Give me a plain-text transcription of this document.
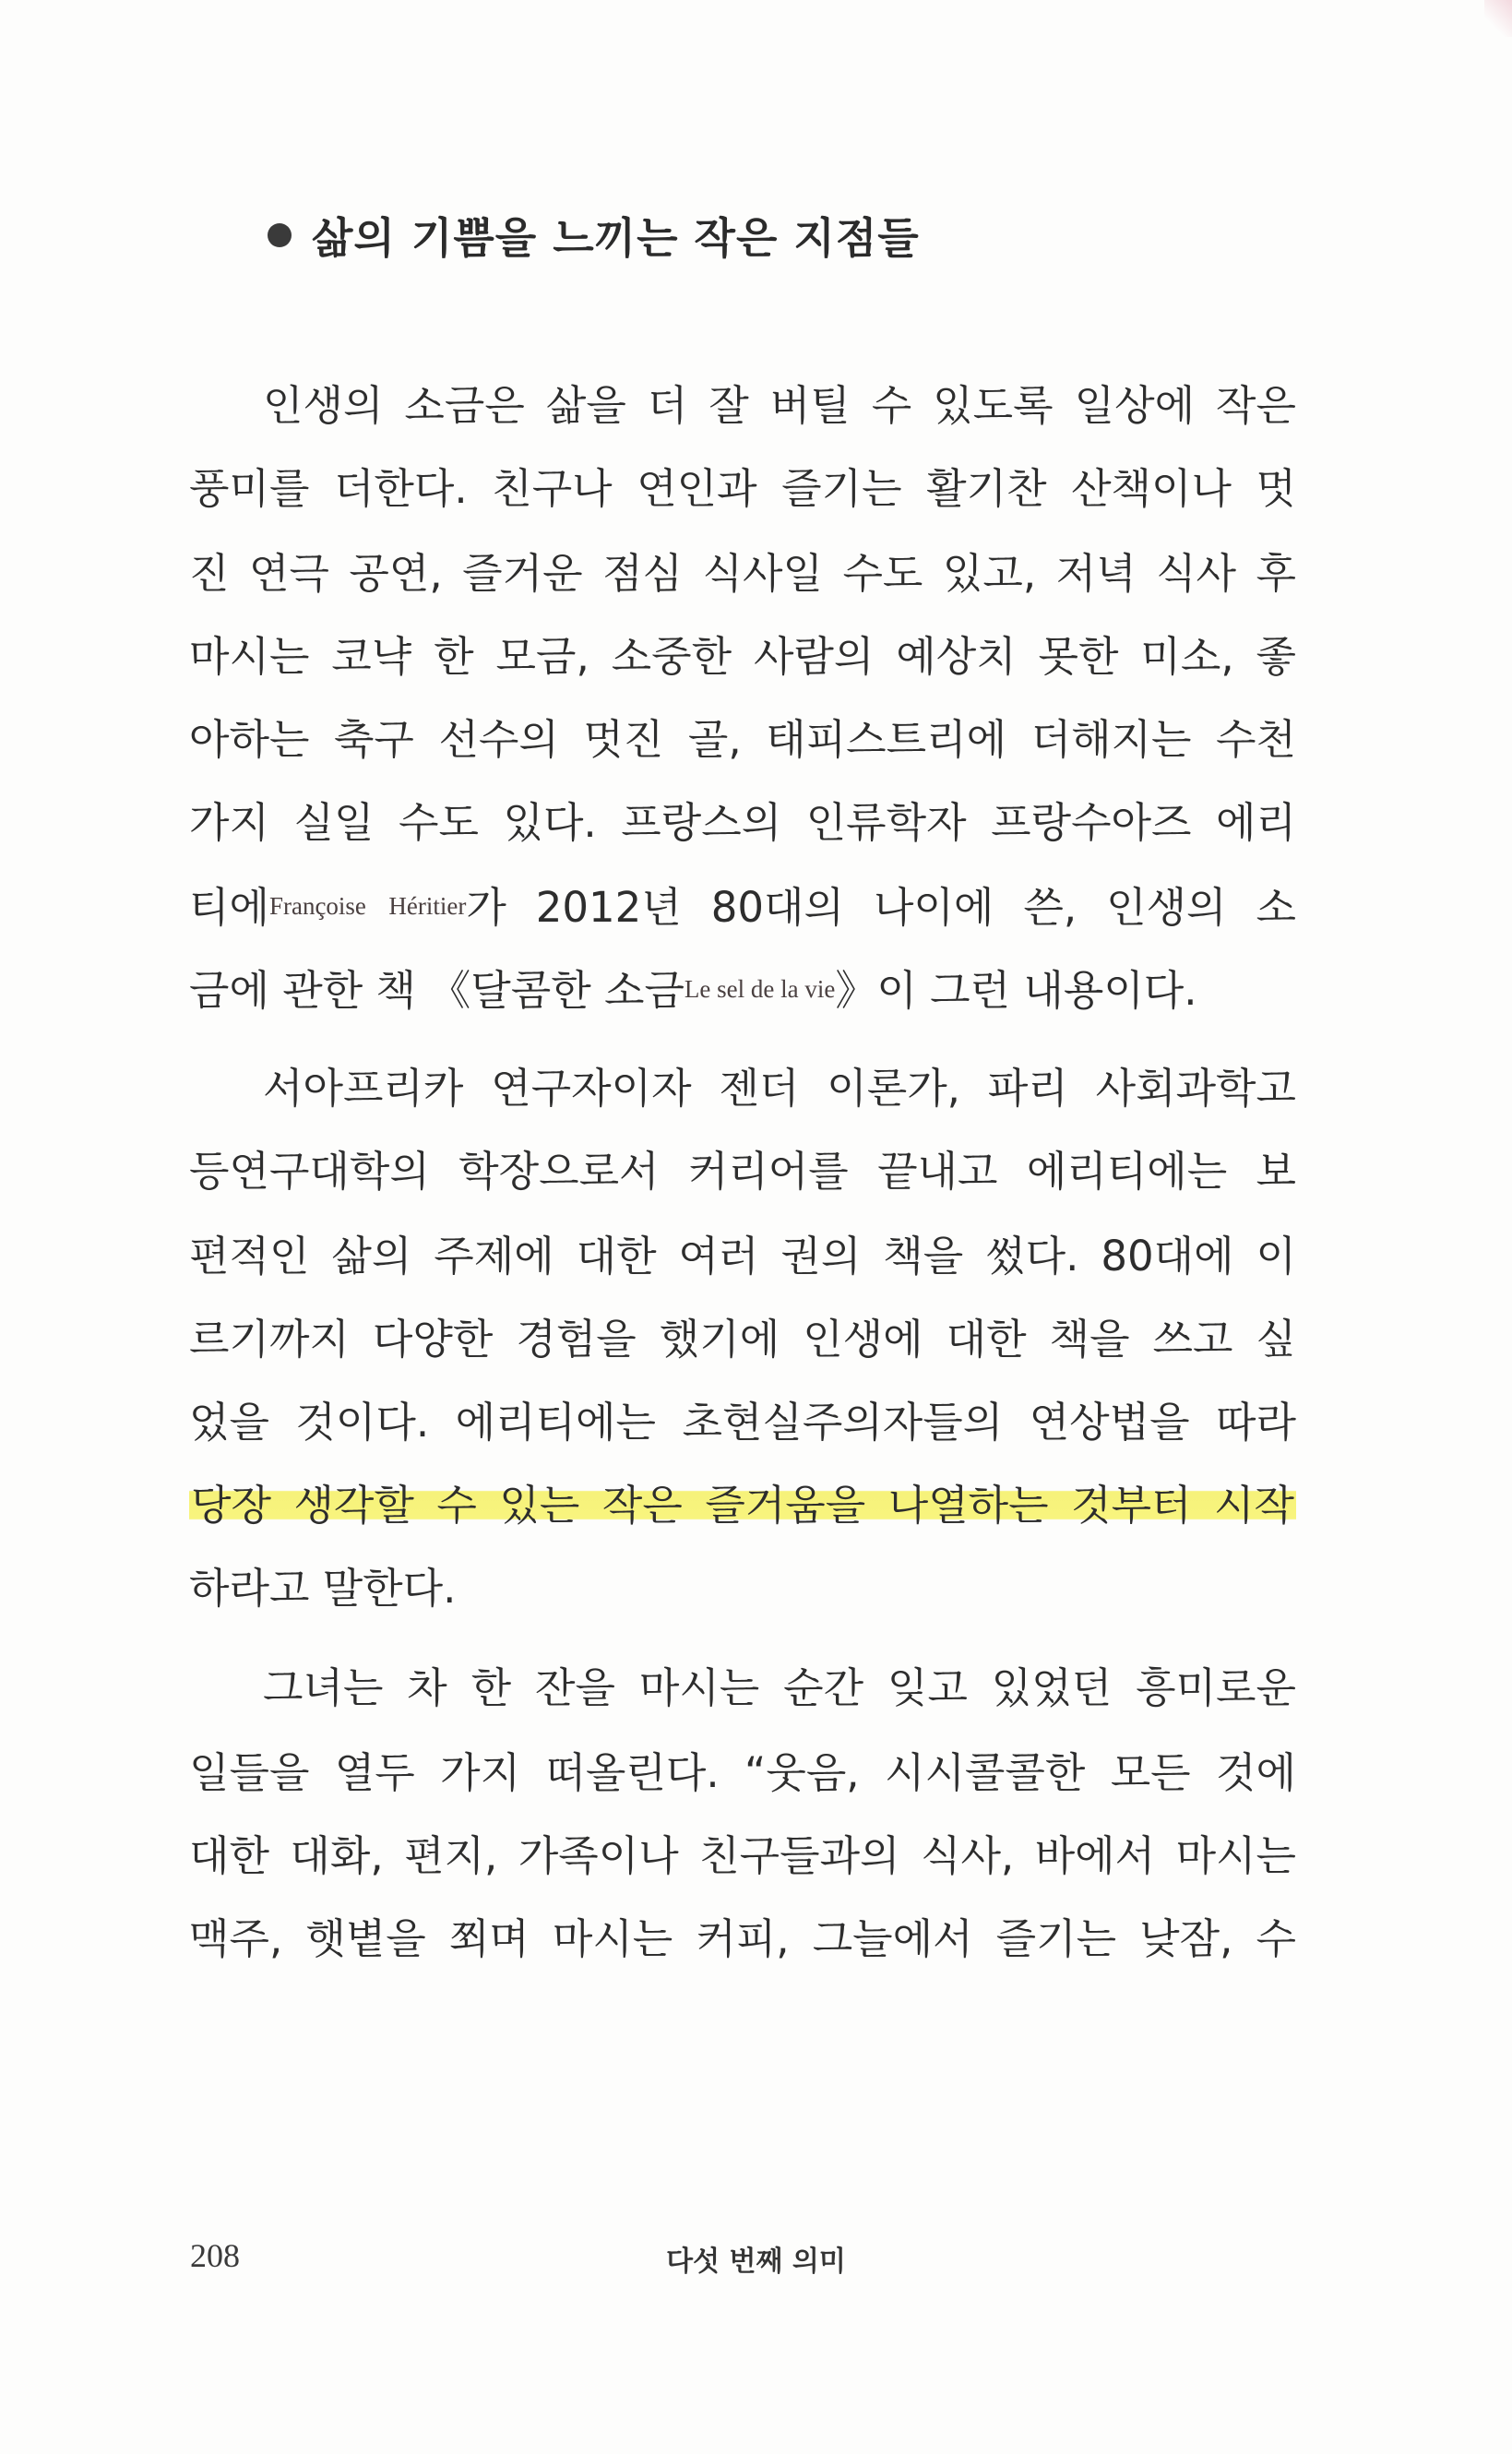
삶의 기쁨을 느끼는 작은 지점들
인생의 소금은 삶을 더 잘 버틸 수 있도록 일상에 작은
풍미를 더한다. 친구나 연인과 즐기는 활기찬 산책이나 멋
진 연극 공연, 즐거운 점심 식사일 수도 있고, 저녁 식사 후
마시는 코냑 한 모금, 소중한 사람의 예상치 못한 미소, 좋
아하는 축구 선수의 멋진 골, 태피스트리에 더해지는 수천
가지 실일 수도 있다. 프랑스의 인류학자 프랑수아즈 에리
티에Françoise Héritier가 2012년 80대의 나이에 쓴, 인생의 소
금에 관한 책 《달콤한 소금Le sel de la vie》이 그런 내용이다.
서아프리카 연구자이자 젠더 이론가, 파리 사회과학고
등연구대학의 학장으로서 커리어를 끝내고 에리티에는 보
편적인 삶의 주제에 대한 여러 권의 책을 썼다. 80대에 이
르기까지 다양한 경험을 했기에 인생에 대한 책을 쓰고 싶
었을 것이다. 에리티에는 초현실주의자들의 연상법을 따라
당장 생각할 수 있는 작은 즐거움을 나열하는 것부터 시작
하라고 말한다.
그녀는 차 한 잔을 마시는 순간 잊고 있었던 흥미로운
일들을 열두 가지 떠올린다. “웃음, 시시콜콜한 모든 것에
대한 대화, 편지, 가족이나 친구들과의 식사, 바에서 마시는
맥주, 햇볕을 쬐며 마시는 커피, 그늘에서 즐기는 낮잠, 수
208	다섯 번째 의미
